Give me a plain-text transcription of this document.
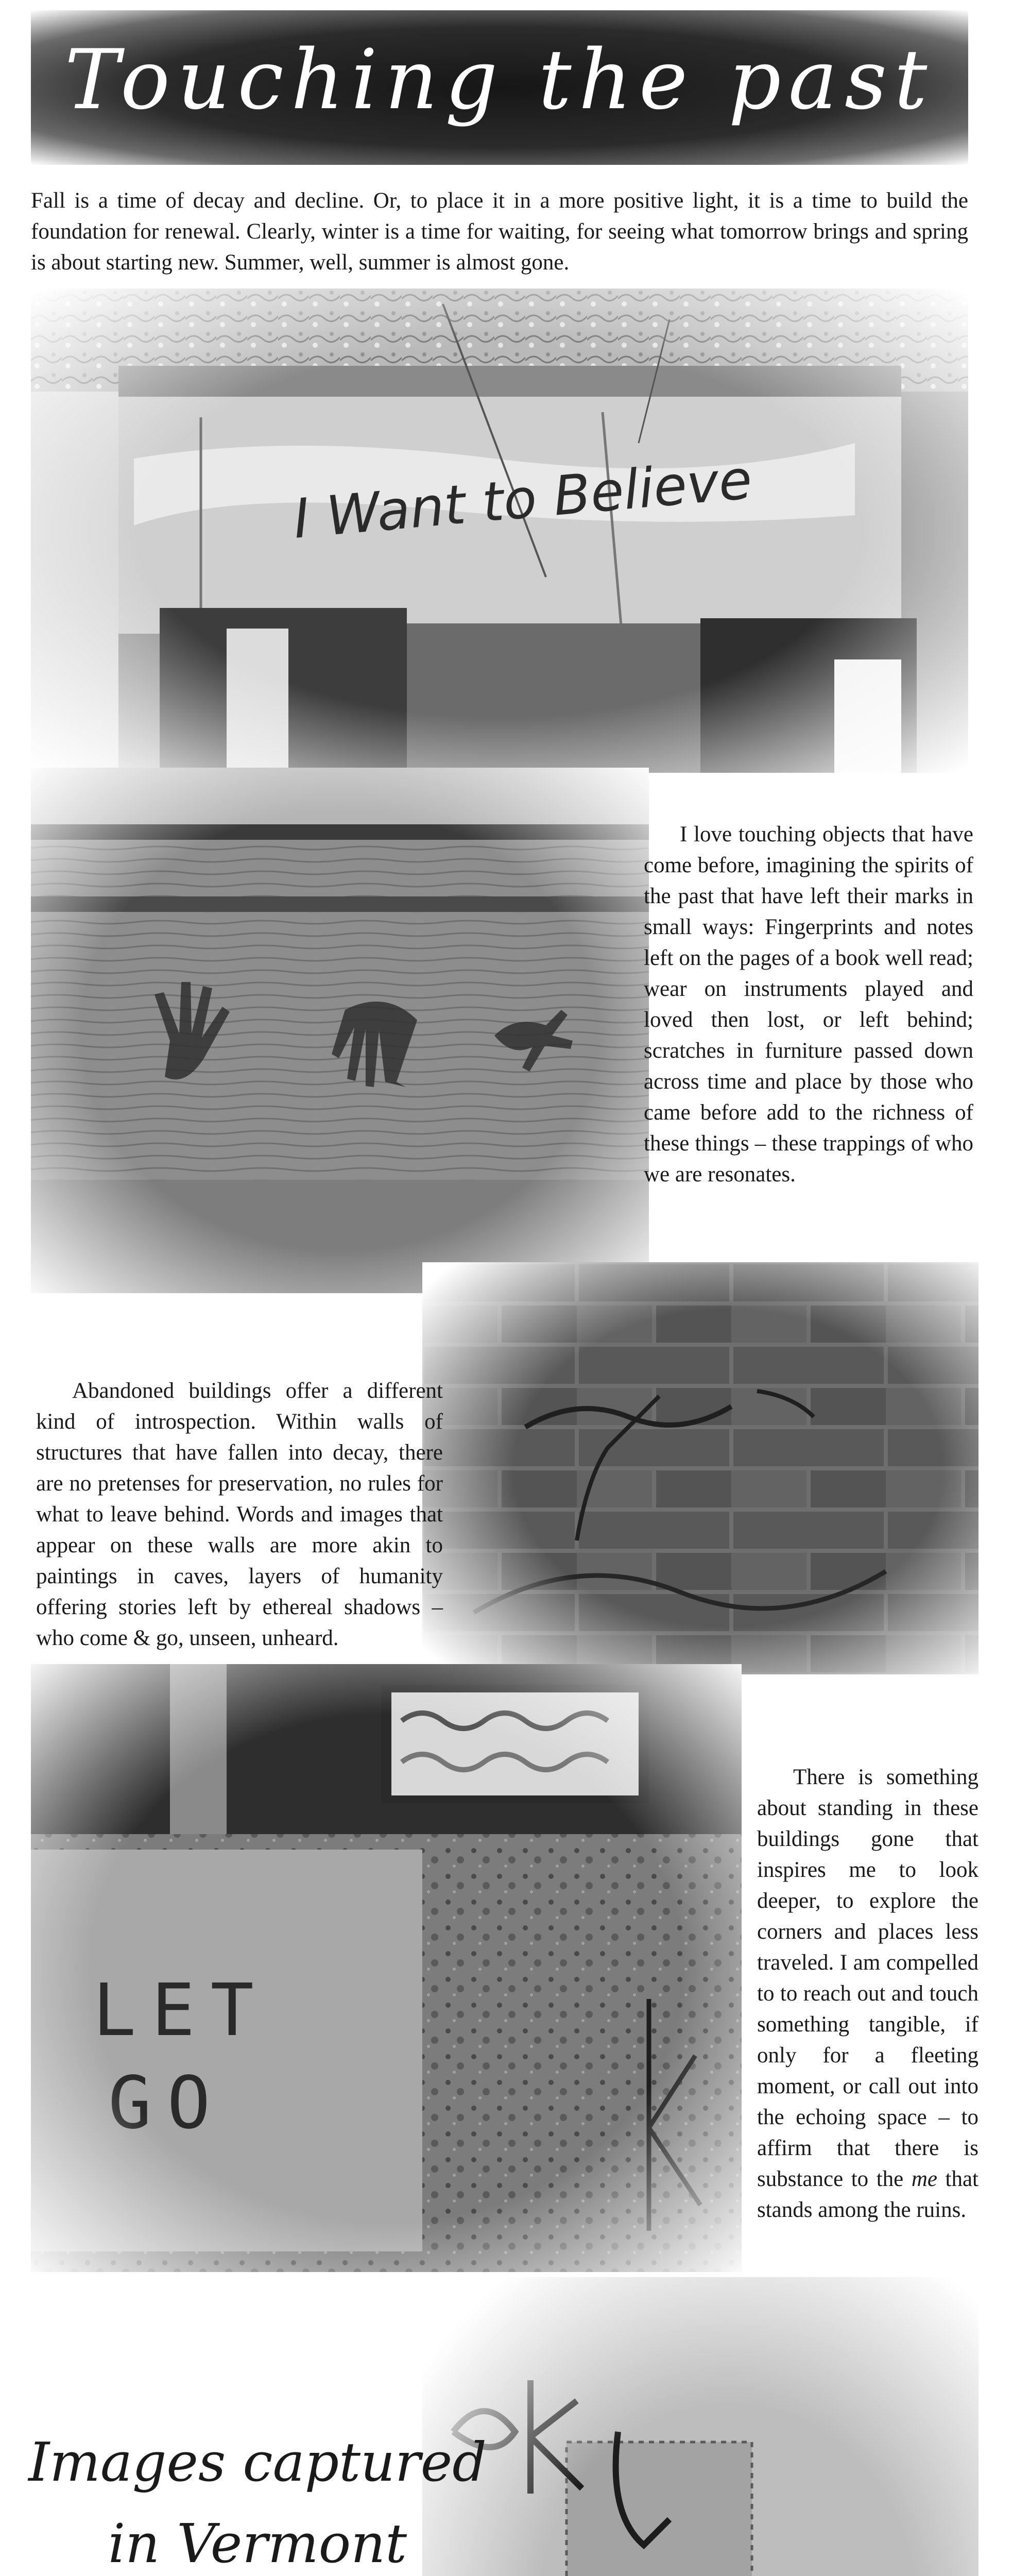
Touching the past
Fall is a time of decay and decline. Or, to place it in a more positive light, it is a time to build the foundation for renewal. Clearly, winter is a time for waiting, for seeing what tomorrow brings and spring is about starting new. Summer, well, summer is almost gone.
I love touching objects that have come before, imagining the spirits of the past that have left their marks in small ways: Fingerprints and notes left on the pages of a book well read; wear on instruments played and loved then lost, or left behind; scratches in furniture passed down across time and place by those who came before add to the richness of these things – these trappings of who we are resonates.
Abandoned buildings offer a different kind of introspection. Within walls of structures that have fallen into decay, there are no pretenses for preservation, no rules for what to leave behind. Words and images that appear on these walls are more akin to paintings in caves, layers of humanity offering stories left by ethereal shadows – who come & go, unseen, unheard.
There is something about standing in these buildings gone that inspires me to look deeper, to explore the corners and places less traveled. I am compelled to to reach out and touch something tangible, if only for a fleeting moment, or call out into the echoing space – to affirm that there is substance to the me that stands among the ruins.
Images captured
in Vermont
